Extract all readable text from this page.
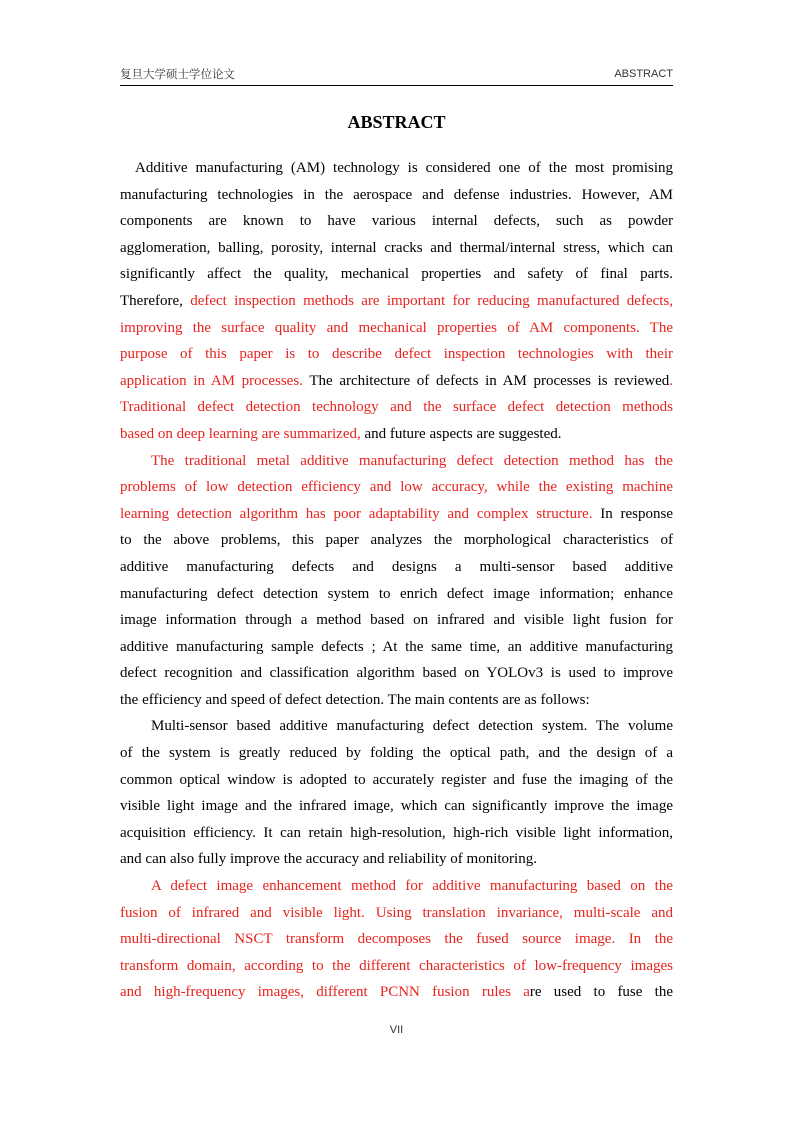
复旦大学硕士学位论文	ABSTRACT
ABSTRACT
Additive manufacturing (AM) technology is considered one of the most promising
manufacturing technologies in the aerospace and defense industries. However, AM
components are known to have various internal defects, such as powder
agglomeration, balling, porosity, internal cracks and thermal/internal stress, which can
significantly affect the quality, mechanical properties and safety of final parts.
Therefore, defect inspection methods are important for reducing manufactured defects,
improving the surface quality and mechanical properties of AM components. The
purpose of this paper is to describe defect inspection technologies with their
application in AM processes. The architecture of defects in AM processes is reviewed.
Traditional defect detection technology and the surface defect detection methods
based on deep learning are summarized, and future aspects are suggested.
The traditional metal additive manufacturing defect detection method has the
problems of low detection efficiency and low accuracy, while the existing machine
learning detection algorithm has poor adaptability and complex structure. In response
to the above problems, this paper analyzes the morphological characteristics of
additive manufacturing defects and designs a multi-sensor based additive
manufacturing defect detection system to enrich defect image information; enhance
image information through a method based on infrared and visible light fusion for
additive manufacturing sample defects ; At the same time, an additive manufacturing
defect recognition and classification algorithm based on YOLOv3 is used to improve
the efficiency and speed of defect detection. The main contents are as follows:
Multi-sensor based additive manufacturing defect detection system. The volume
of the system is greatly reduced by folding the optical path, and the design of a
common optical window is adopted to accurately register and fuse the imaging of the
visible light image and the infrared image, which can significantly improve the image
acquisition efficiency. It can retain high-resolution, high-rich visible light information,
and can also fully improve the accuracy and reliability of monitoring.
A defect image enhancement method for additive manufacturing based on the
fusion of infrared and visible light. Using translation invariance, multi-scale and
multi-directional NSCT transform decomposes the fused source image. In the
transform domain, according to the different characteristics of low-frequency images
and high-frequency images, different PCNN fusion rules are used to fuse the
VII
